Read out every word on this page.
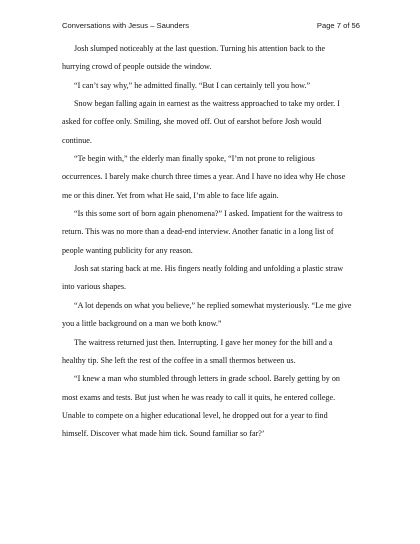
Conversations with Jesus – Saunders	Page 7 of 56
Josh slumped noticeably at the last question. Turning his attention back to the
hurrying crowd of people outside the window.
“I can’t say why,” he admitted finally. “But I can certainly tell you how.”
Snow began falling again in earnest as the waitress approached to take my order. I
asked for coffee only. Smiling, she moved off. Out of earshot before Josh would
continue.
“Te begin with,” the elderly man finally spoke, “I’m not prone to religious
occurrences. I barely make church three times a year. And I have no idea why He chose
me or this diner. Yet from what He said, I’m able to face life again.
“Is this some sort of born again phenomena?” I asked. Impatient for the waitress to
return. This was no more than a dead-end interview. Another fanatic in a long list of
people wanting publicity for any reason.
Josh sat staring back at me. His fingers neatly folding and unfolding a plastic straw
into various shapes.
“A lot depends on what you believe,” he replied somewhat mysteriously. “Le me give
you a little background on a man we both know.”
The waitress returned just then. Interrupting. I gave her money for the bill and a
healthy tip. She left the rest of the coffee in a small thermos between us.
“I knew a man who stumbled through letters in grade school. Barely getting by on
most exams and tests. But just when he was ready to call it quits, he entered college.
Unable to compete on a higher educational level, he dropped out for a year to find
himself. Discover what made him tick. Sound familiar so far?’
